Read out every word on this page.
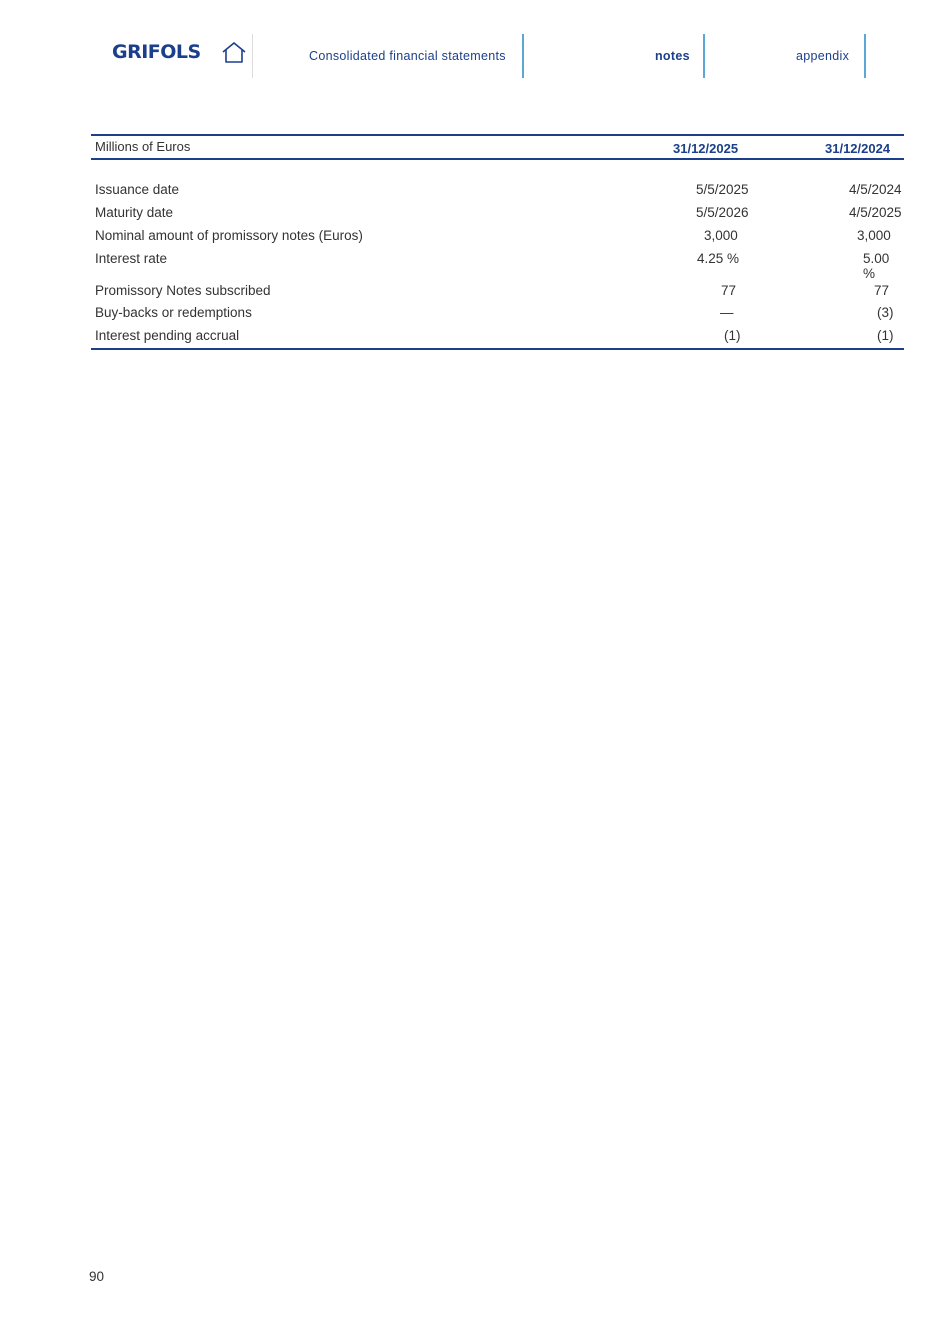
GRIFOLS	Consolidated financial statements	notes	appendix
Millions of Euros	31/12/2025	31/12/2024
Issuance date	5/5/2025	4/5/2024
Maturity date	5/5/2026	4/5/2025
Nominal amount of promissory notes (Euros)	3,000	3,000
Interest rate	4.25 %	5.00 %
Promissory Notes subscribed	77	77
Buy-backs or redemptions	—	(3)
Interest pending accrual	(1)	(1)
90
